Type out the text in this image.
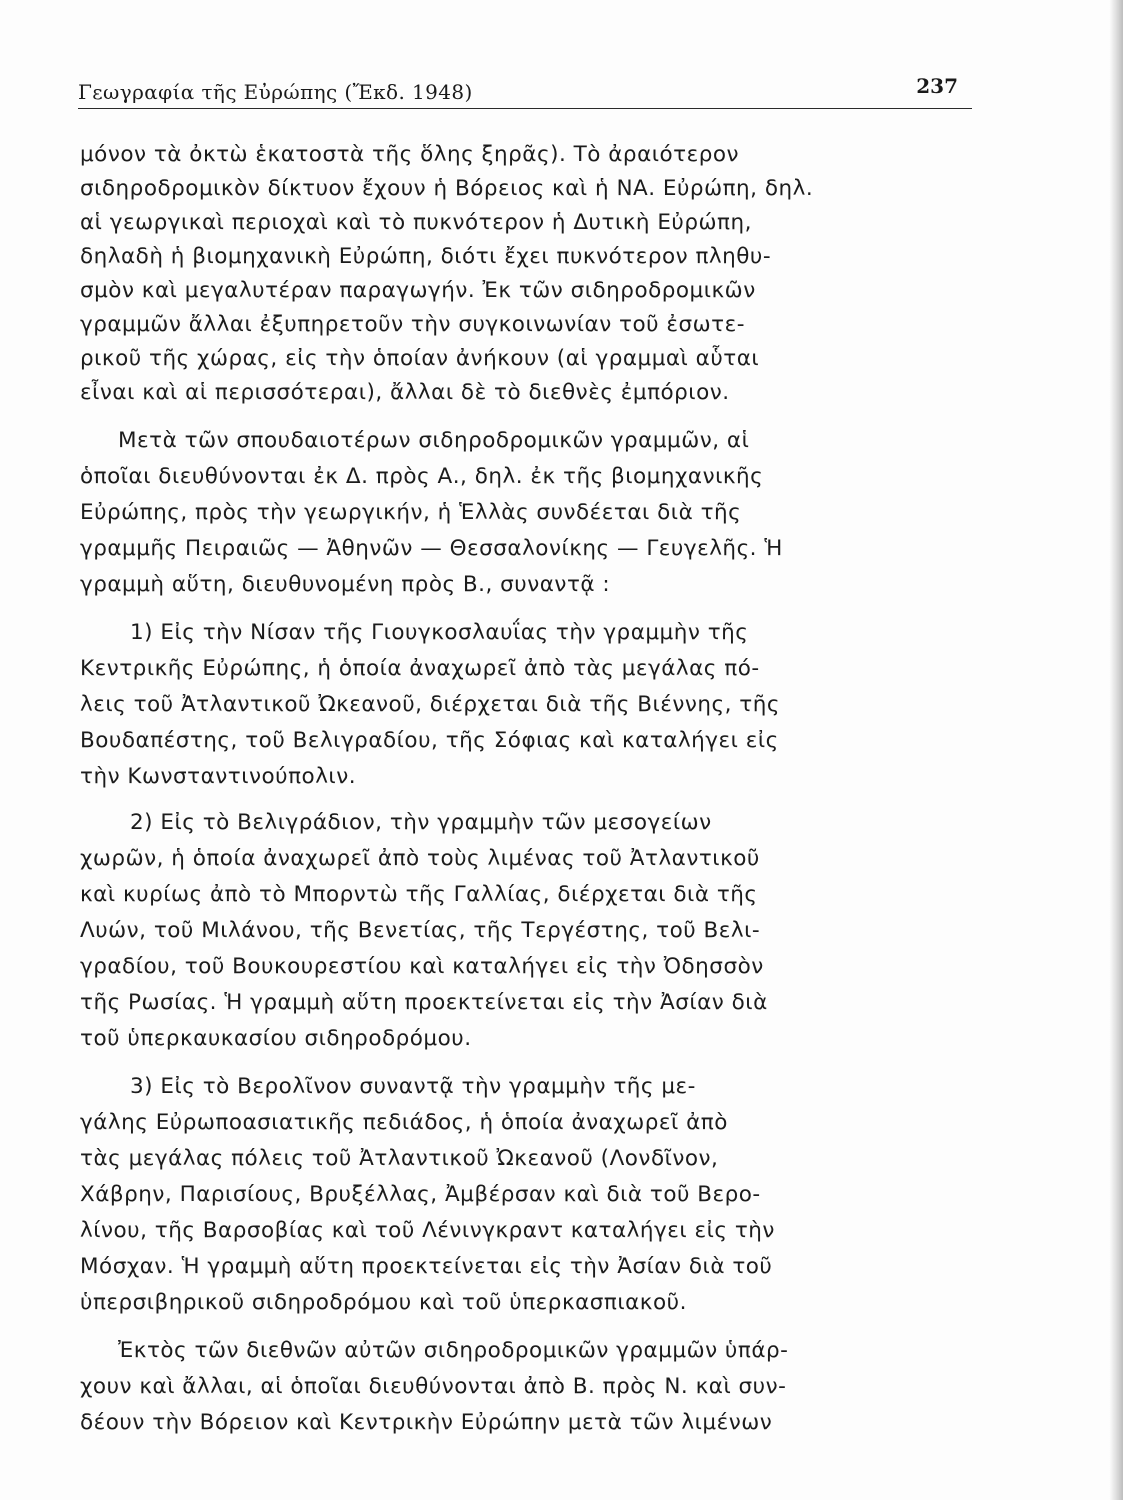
Γεωγραφία τῆς Εὐρώπης (Ἔκδ. 1948)	237
μόνον τὰ ὀκτὼ ἑκατοστὰ τῆς ὅλης ξηρᾶς). Τὸ ἀραιότερον
σιδηροδρομικὸν δίκτυον ἔχουν ἡ Βόρειος καὶ ἡ ΝΑ. Εὐρώπη, δηλ.
αἱ γεωργικαὶ περιοχαὶ καὶ τὸ πυκνότερον ἡ Δυτικὴ Εὐρώπη,
δηλαδὴ ἡ βιομηχανικὴ Εὐρώπη, διότι ἔχει πυκνότερον πληθυ-
σμὸν καὶ μεγαλυτέραν παραγωγήν. Ἐκ τῶν σιδηροδρομικῶν
γραμμῶν ἄλλαι ἐξυπηρετοῦν τὴν συγκοινωνίαν τοῦ ἐσωτε-
ρικοῦ τῆς χώρας, εἰς τὴν ὁποίαν ἀνήκουν (αἱ γραμμαὶ αὗται
εἶναι καὶ αἱ περισσότεραι), ἄλλαι δὲ τὸ διεθνὲς ἐμπόριον.
Μετὰ τῶν σπουδαιοτέρων σιδηροδρομικῶν γραμμῶν, αἱ
ὁποῖαι διευθύνονται ἐκ Δ. πρὸς Α., δηλ. ἐκ τῆς βιομηχανικῆς
Εὐρώπης, πρὸς τὴν γεωργικήν, ἡ Ἑλλὰς συνδέεται διὰ τῆς
γραμμῆς Πειραιῶς — Ἀθηνῶν — Θεσσαλονίκης — Γευγελῆς. Ἡ
γραμμὴ αὕτη, διευθυνομένη πρὸς Β., συναντᾷ :
1) Εἰς τὴν Νίσαν τῆς Γιουγκοσλαυΐας τὴν γραμμὴν τῆς
Κεντρικῆς Εὐρώπης, ἡ ὁποία ἀναχωρεῖ ἀπὸ τὰς μεγάλας πό-
λεις τοῦ Ἀτλαντικοῦ Ὠκεανοῦ, διέρχεται διὰ τῆς Βιέννης, τῆς
Βουδαπέστης, τοῦ Βελιγραδίου, τῆς Σόφιας καὶ καταλήγει εἰς
τὴν Κωνσταντινούπολιν.
2) Εἰς τὸ Βελιγράδιον, τὴν γραμμὴν τῶν μεσογείων
χωρῶν, ἡ ὁποία ἀναχωρεῖ ἀπὸ τοὺς λιμένας τοῦ Ἀτλαντικοῦ
καὶ κυρίως ἀπὸ τὸ Μπορντὼ τῆς Γαλλίας, διέρχεται διὰ τῆς
Λυών, τοῦ Μιλάνου, τῆς Βενετίας, τῆς Τεργέστης, τοῦ Βελι-
γραδίου, τοῦ Βουκουρεστίου καὶ καταλήγει εἰς τὴν Ὀδησσὸν
τῆς Ρωσίας. Ἡ γραμμὴ αὕτη προεκτείνεται εἰς τὴν Ἀσίαν διὰ
τοῦ ὑπερκαυκασίου σιδηροδρόμου.
3) Εἰς τὸ Βερολῖνον συναντᾷ τὴν γραμμὴν τῆς με-
γάλης Εὐρωποασιατικῆς πεδιάδος, ἡ ὁποία ἀναχωρεῖ ἀπὸ
τὰς μεγάλας πόλεις τοῦ Ἀτλαντικοῦ Ὠκεανοῦ (Λονδῖνον,
Χάβρην, Παρισίους, Βρυξέλλας, Ἀμβέρσαν καὶ διὰ τοῦ Βερο-
λίνου, τῆς Βαρσοβίας καὶ τοῦ Λένινγκραντ καταλήγει εἰς τὴν
Μόσχαν. Ἡ γραμμὴ αὕτη προεκτείνεται εἰς τὴν Ἀσίαν διὰ τοῦ
ὑπερσιβηρικοῦ σιδηροδρόμου καὶ τοῦ ὑπερκασπιακοῦ.
Ἐκτὸς τῶν διεθνῶν αὐτῶν σιδηροδρομικῶν γραμμῶν ὑπάρ-
χουν καὶ ἄλλαι, αἱ ὁποῖαι διευθύνονται ἀπὸ Β. πρὸς Ν. καὶ συν-
δέουν τὴν Βόρειον καὶ Κεντρικὴν Εὐρώπην μετὰ τῶν λιμένων
